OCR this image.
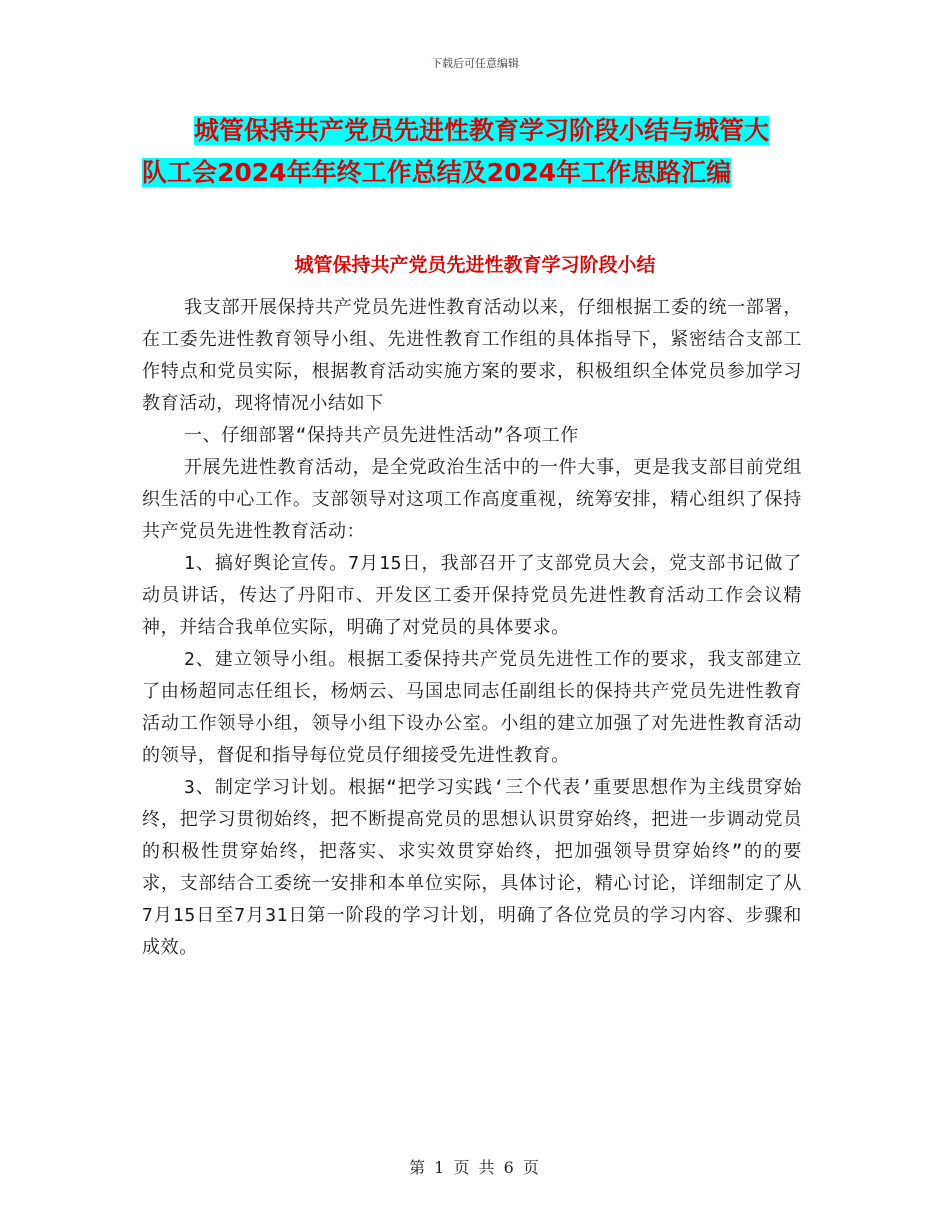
下载后可任意编辑
城管保持共产党员先进性教育学习阶段小结与城管大
队工会2024年年终工作总结及2024年工作思路汇编
城管保持共产党员先进性教育学习阶段小结

我支部开展保持共产党员先进性教育活动以来，仔细根据工委的统一部署，在工委先进性教育领导小组、先进性教育工作组的具体指导下，紧密结合支部工作特点和党员实际，根据教育活动实施方案的要求，积极组织全体党员参加学习教育活动，现将情况小结如下

一、仔细部署“保持共产员先进性活动”各项工作

开展先进性教育活动，是全党政治生活中的一件大事，更是我支部目前党组织生活的中心工作。支部领导对这项工作高度重视，统筹安排，精心组织了保持共产党员先进性教育活动：

1、搞好舆论宣传。7月15日，我部召开了支部党员大会，党支部书记做了动员讲话，传达了丹阳市、开发区工委开保持党员先进性教育活动工作会议精神，并结合我单位实际，明确了对党员的具体要求。

2、建立领导小组。根据工委保持共产党员先进性工作的要求，我支部建立了由杨超同志任组长，杨炳云、马国忠同志任副组长的保持共产党员先进性教育活动工作领导小组，领导小组下设办公室。小组的建立加强了对先进性教育活动的领导，督促和指导每位党员仔细接受先进性教育。

3、制定学习计划。根据“把学习实践‘三个代表’重要思想作为主线贯穿始终，把学习贯彻始终，把不断提高党员的思想认识贯穿始终，把进一步调动党员的积极性贯穿始终，把落实、求实效贯穿始终，把加强领导贯穿始终”的的要求，支部结合工委统一安排和本单位实际，具体讨论，精心讨论，详细制定了从7月15日至7月31日第一阶段的学习计划，明确了各位党员的学习内容、步骤和成效。

第 1 页 共 6 页
